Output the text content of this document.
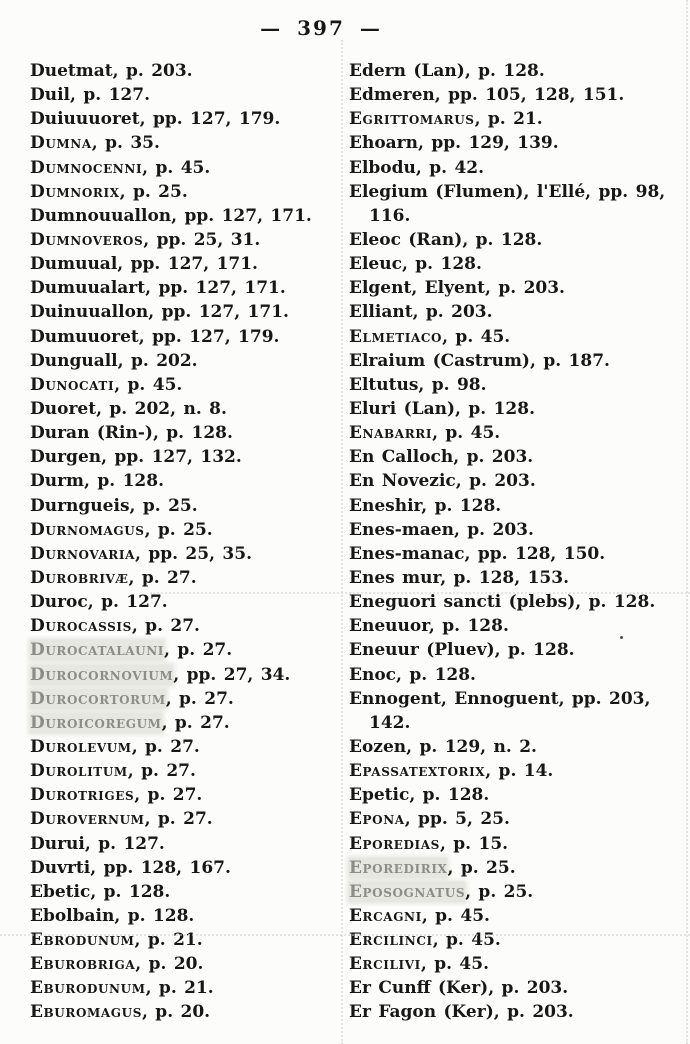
— 397 —
Duetmat, p. 203.
Duil, p. 127.
Duiuuuoret, pp. 127, 179.
Dumna, p. 35.
Dumnocenni, p. 45.
Dumnorix, p. 25.
Dumnouuallon, pp. 127, 171.
Dumnoveros, pp. 25, 31.
Dumuual, pp. 127, 171.
Dumuualart, pp. 127, 171.
Duinuuallon, pp. 127, 171.
Dumuuoret, pp. 127, 179.
Dunguall, p. 202.
Dunocati, p. 45.
Duoret, p. 202, n. 8.
Duran (Rin-), p. 128.
Durgen, pp. 127, 132.
Durm, p. 128.
Durngueis, p. 25.
Durnomagus, p. 25.
Durnovaria, pp. 25, 35.
Durobrivæ, p. 27.
Duroc, p. 127.
Durocassis, p. 27.
Durocatalauni, p. 27.
Durocornovium, pp. 27, 34.
Durocortorum, p. 27.
Duroicoregum, p. 27.
Durolevum, p. 27.
Durolitum, p. 27.
Durotriges, p. 27.
Durovernum, p. 27.
Durui, p. 127.
Duvrti, pp. 128, 167.
Ebetic, p. 128.
Ebolbain, p. 128.
Ebrodunum, p. 21.
Eburobriga, p. 20.
Eburodunum, p. 21.
Eburomagus, p. 20.
Edern (Lan), p. 128.
Edmeren, pp. 105, 128, 151.
Egrittomarus, p. 21.
Ehoarn, pp. 129, 139.
Elbodu, p. 42.
Elegium (Flumen), l'Ellé, pp. 98,
116.
Eleoc (Ran), p. 128.
Eleuc, p. 128.
Elgent, Elyent, p. 203.
Elliant, p. 203.
Elmetiaco, p. 45.
Elraium (Castrum), p. 187.
Eltutus, p. 98.
Eluri (Lan), p. 128.
Enabarri, p. 45.
En Calloch, p. 203.
En Novezic, p. 203.
Eneshir, p. 128.
Enes-maen, p. 203.
Enes-manac, pp. 128, 150.
Enes mur, p. 128, 153.
Eneguori sancti (plebs), p. 128.
Eneuuor, p. 128.
Eneuur (Pluev), p. 128.
Enoc, p. 128.
Ennogent, Ennoguent, pp. 203,
142.
Eozen, p. 129, n. 2.
Epassatextorix, p. 14.
Epetic, p. 128.
Epona, pp. 5, 25.
Eporedias, p. 15.
Eporedirix, p. 25.
Eposognatus, p. 25.
Ercagni, p. 45.
Ercilinci, p. 45.
Ercilivi, p. 45.
Er Cunff (Ker), p. 203.
Er Fagon (Ker), p. 203.
